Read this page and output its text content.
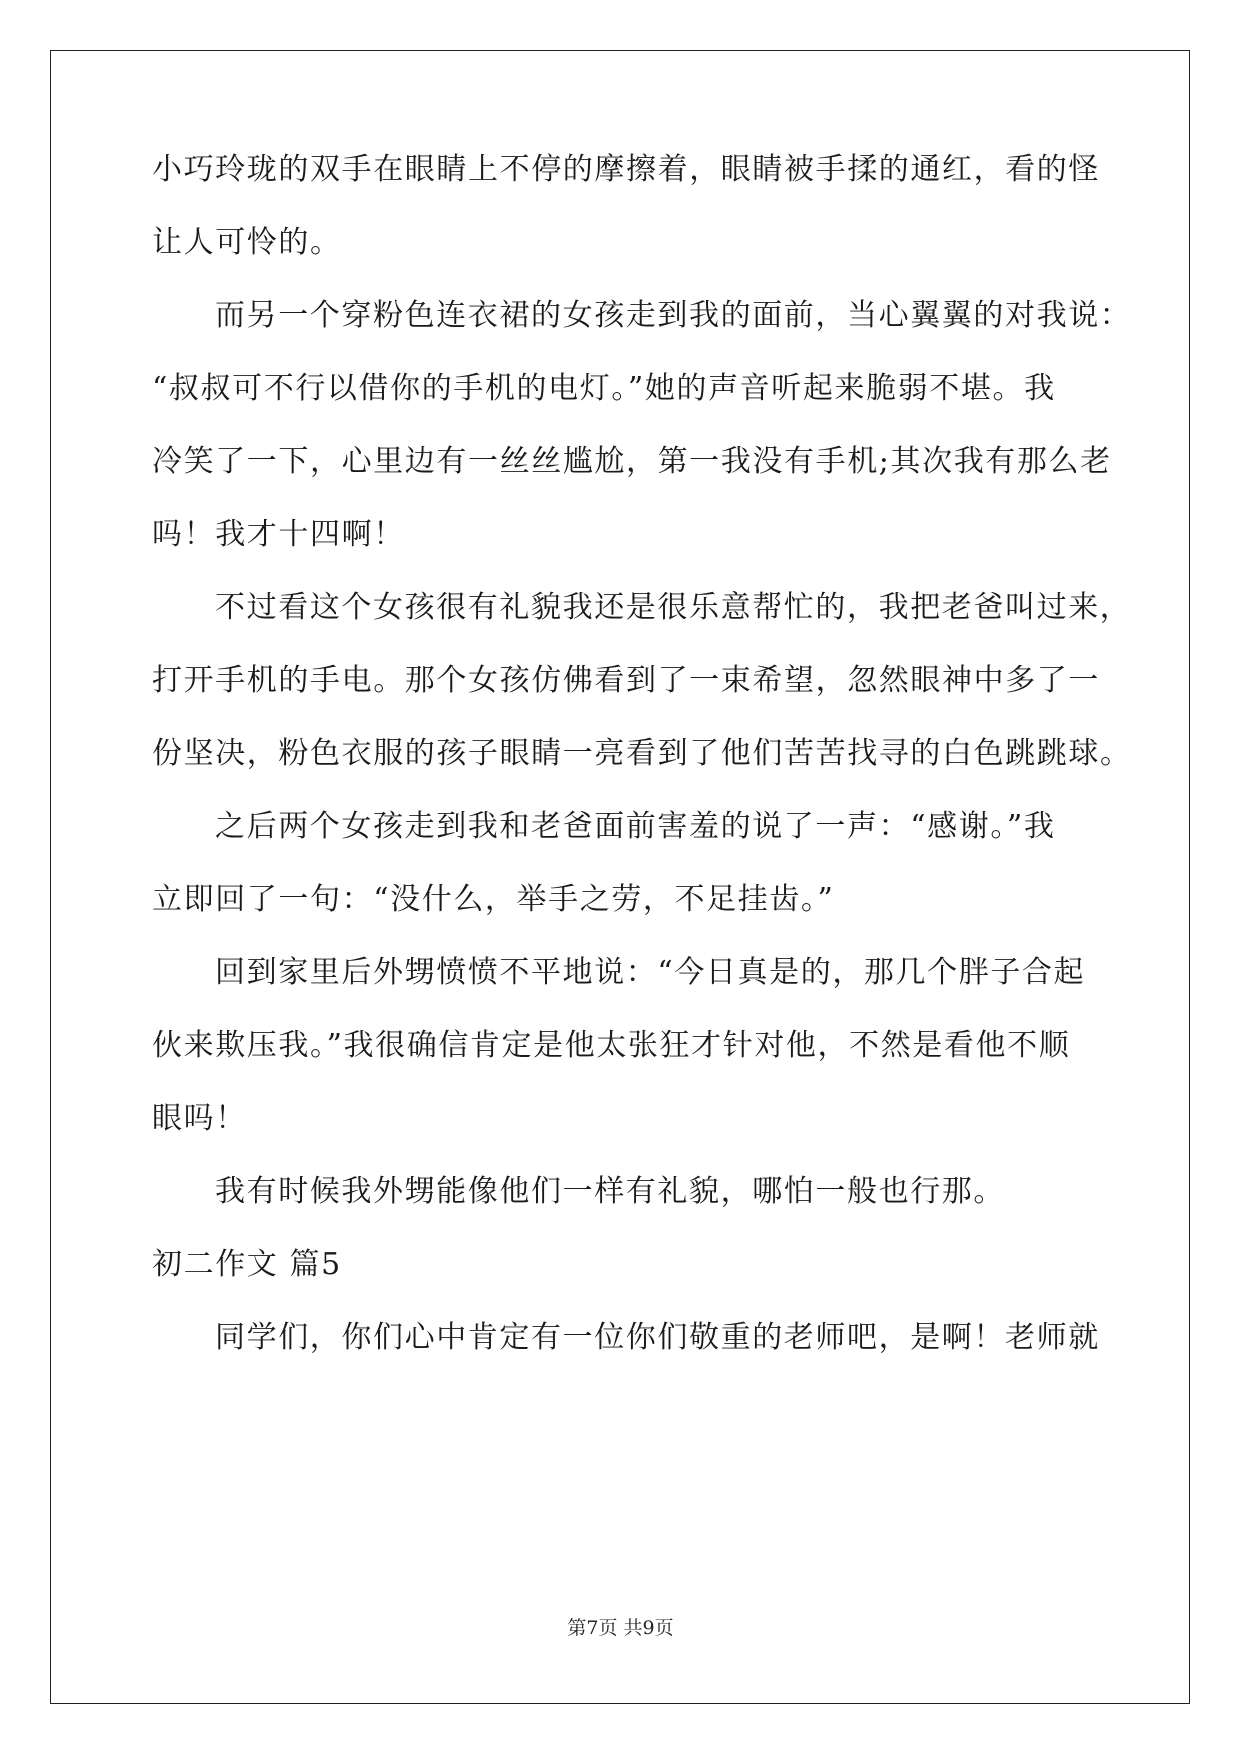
小巧玲珑的双手在眼睛上不停的摩擦着，眼睛被手揉的通红，看的怪
让人可怜的。
而另一个穿粉色连衣裙的女孩走到我的面前，当心翼翼的对我说：
“叔叔可不行以借你的手机的电灯。”她的声音听起来脆弱不堪。我
冷笑了一下，心里边有一丝丝尴尬，第一我没有手机;其次我有那么老
吗！我才十四啊！
不过看这个女孩很有礼貌我还是很乐意帮忙的，我把老爸叫过来，
打开手机的手电。那个女孩仿佛看到了一束希望，忽然眼神中多了一
份坚决，粉色衣服的孩子眼睛一亮看到了他们苦苦找寻的白色跳跳球。
之后两个女孩走到我和老爸面前害羞的说了一声：“感谢。”我
立即回了一句：“没什么，举手之劳，不足挂齿。”
回到家里后外甥愤愤不平地说：“今日真是的，那几个胖子合起
伙来欺压我。”我很确信肯定是他太张狂才针对他，不然是看他不顺
眼吗！
我有时候我外甥能像他们一样有礼貌，哪怕一般也行那。
初二作文 篇5
同学们，你们心中肯定有一位你们敬重的老师吧，是啊！老师就
第7页 共9页
